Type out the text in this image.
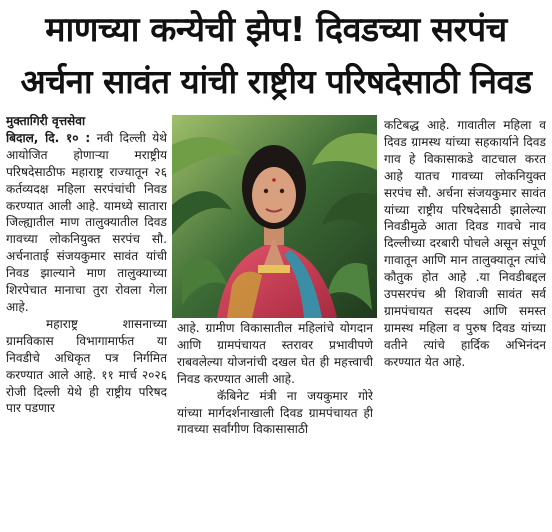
माणच्या कन्येची झेप! दिवडच्या सरपंच
अर्चना सावंत यांची राष्ट्रीय परिषदेसाठी निवड

मुक्तागिरी वृत्तसेवा
बिदाल, दि. १० : नवी दिल्ली येथे आयोजित होणाऱ्या मराष्ट्रीय परिषदेसाठीफ महाराष्ट्र राज्यातून २६ कर्तव्यदक्ष महिला सरपंचांची निवड करण्यात आली आहे. यामध्ये सातारा जिल्ह्यातील माण तालुक्यातील दिवड गावच्या लोकनियुक्त सरपंच सौ. अर्चनाताई संजयकुमार सावंत यांची निवड झाल्याने माण तालुक्याच्या शिरपेचात मानाचा तुरा रोवला गेला आहे.

महाराष्ट्र शासनाच्या ग्रामविकास विभागामार्फत या निवडीचे अधिकृत पत्र निर्गमित करण्यात आले आहे. ११ मार्च २०२६ रोजी दिल्ली येथे ही राष्ट्रीय परिषद पार पडणार

आहे. ग्रामीण विकासातील महिलांचे योगदान आणि ग्रामपंचायत स्तरावर प्रभावीपणे राबवलेल्या योजनांची दखल घेत ही महत्त्वाची निवड करण्यात आली आहे.

कॅबिनेट मंत्री ना जयकुमार गोरे यांच्या मार्गदर्शनाखाली दिवड ग्रामपंचायत ही गावच्या सर्वांगीण विकासासाठी

कटिबद्ध आहे. गावातील महिला व दिवड ग्रामस्थ यांच्या सहकार्याने दिवड गाव हे विकासाकडे वाटचाल करत आहे यातच गावच्या लोकनियुक्त सरपंच सौ. अर्चना संजयकुमार सावंत यांच्या राष्ट्रीय परिषदेसाठी झालेल्या निवडीमुळे आता दिवड गावचे नाव दिल्लीच्या दरबारी पोचले असून संपूर्ण गावातून आणि मान तालुक्यातून त्यांचे कौतुक होत आहे .या निवडीबद्दल उपसरपंच श्री शिवाजी सावंत सर्व ग्रामपंचायत सदस्य आणि समस्त ग्रामस्थ महिला व पुरुष दिवड यांच्या वतीने त्यांचे हार्दिक अभिनंदन करण्यात येत आहे.
